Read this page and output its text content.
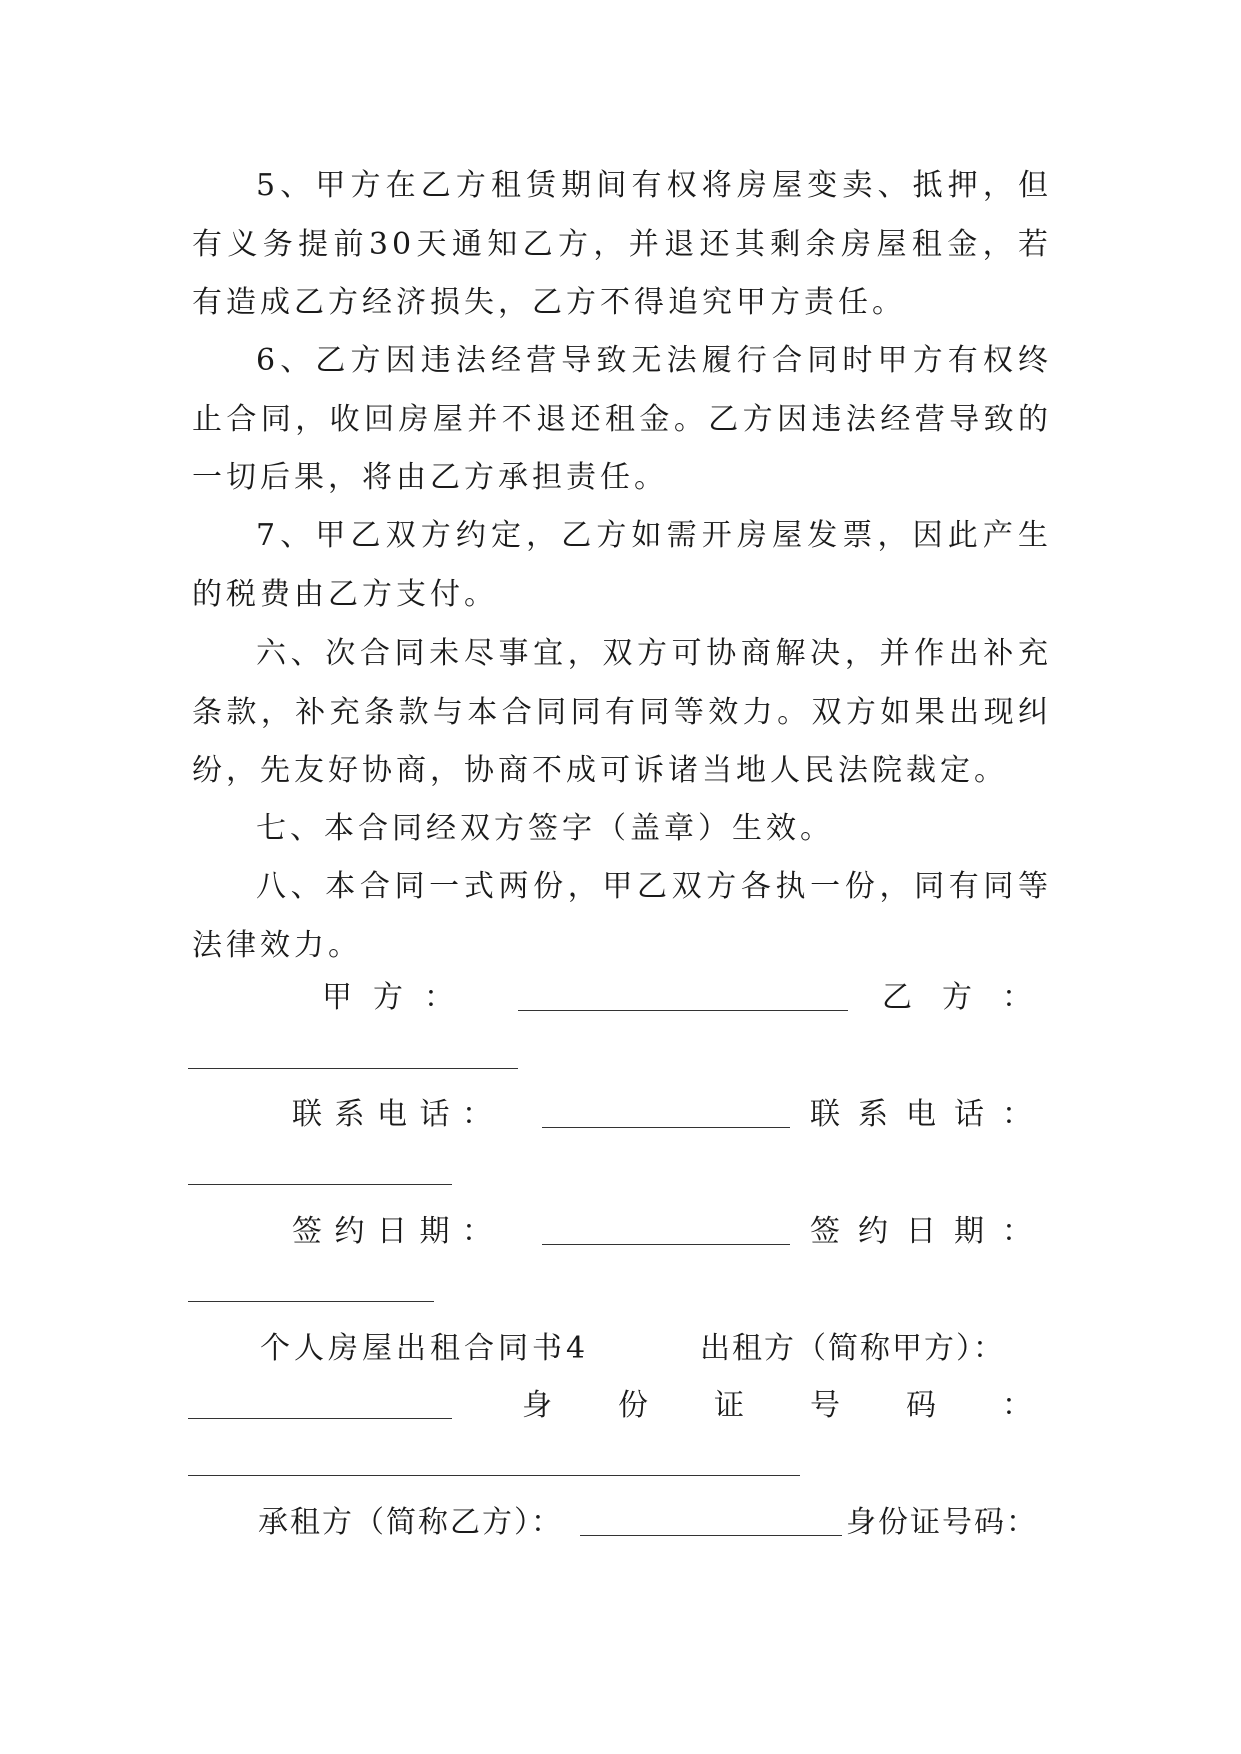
5、甲方在乙方租赁期间有权将房屋变卖、抵押，但有义务提前30天通知乙方，并退还其剩余房屋租金，若有造成乙方经济损失，乙方不得追究甲方责任。

6、乙方因违法经营导致无法履行合同时甲方有权终止合同，收回房屋并不退还租金。乙方因违法经营导致的一切后果，将由乙方承担责任。

7、甲乙双方约定，乙方如需开房屋发票，因此产生的税费由乙方支付。

六、次合同未尽事宜，双方可协商解决，并作出补充条款，补充条款与本合同同有同等效力。双方如果出现纠纷，先友好协商，协商不成可诉诸当地人民法院裁定。

七、本合同经双方签字（盖章）生效。

八、本合同一式两份，甲乙双方各执一份，同有同等法律效力。

甲 方 ：	乙 方 ：
联 系 电 话 ：	联 系 电 话 ：
签 约 日 期 ：	签 约 日 期 ：
个人房屋出租合同书4	出租方（简称甲方）：
身 份 证 号 码 ：
承租方（简称乙方）：	身份证号码：
